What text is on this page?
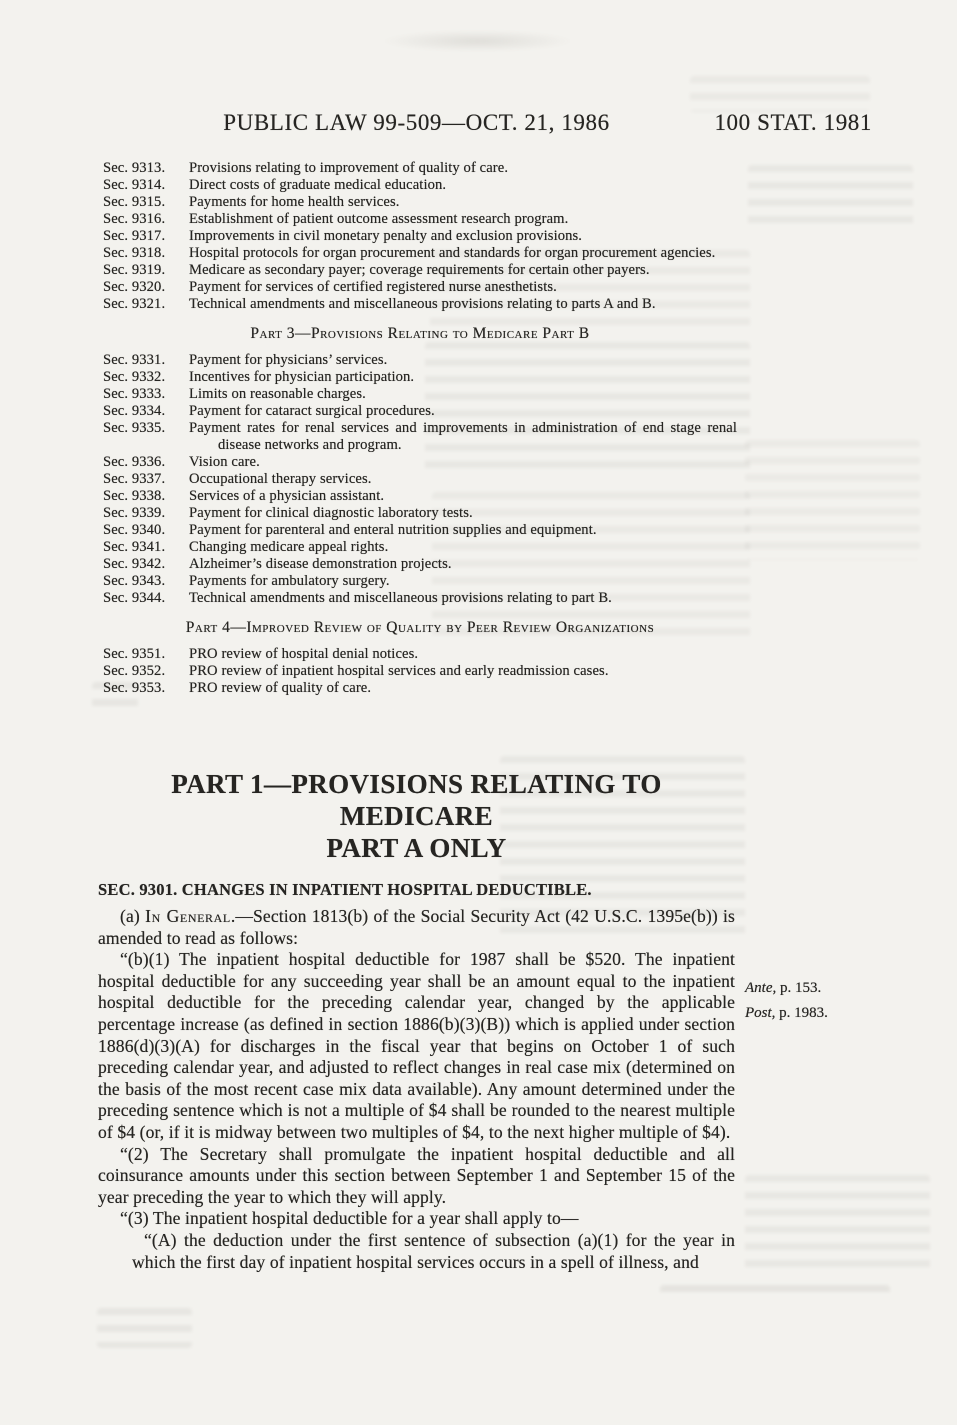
PUBLIC LAW 99-509—OCT. 21, 1986	100 STAT. 1981
Sec. 9313. Provisions relating to improvement of quality of care.
Sec. 9314. Direct costs of graduate medical education.
Sec. 9315. Payments for home health services.
Sec. 9316. Establishment of patient outcome assessment research program.
Sec. 9317. Improvements in civil monetary penalty and exclusion provisions.
Sec. 9318. Hospital protocols for organ procurement and standards for organ procurement agencies.
Sec. 9319. Medicare as secondary payer; coverage requirements for certain other payers.
Sec. 9320. Payment for services of certified registered nurse anesthetists.
Sec. 9321. Technical amendments and miscellaneous provisions relating to parts A and B.
Part 3—Provisions Relating to Medicare Part B
Sec. 9331. Payment for physicians’ services.
Sec. 9332. Incentives for physician participation.
Sec. 9333. Limits on reasonable charges.
Sec. 9334. Payment for cataract surgical procedures.
Sec. 9335. Payment rates for renal services and improvements in administration of end stage renal disease networks and program.
Sec. 9336. Vision care.
Sec. 9337. Occupational therapy services.
Sec. 9338. Services of a physician assistant.
Sec. 9339. Payment for clinical diagnostic laboratory tests.
Sec. 9340. Payment for parenteral and enteral nutrition supplies and equipment.
Sec. 9341. Changing medicare appeal rights.
Sec. 9342. Alzheimer’s disease demonstration projects.
Sec. 9343. Payments for ambulatory surgery.
Sec. 9344. Technical amendments and miscellaneous provisions relating to part B.
Part 4—Improved Review of Quality by Peer Review Organizations
Sec. 9351. PRO review of hospital denial notices.
Sec. 9352. PRO review of inpatient hospital services and early readmission cases.
Sec. 9353. PRO review of quality of care.
PART 1—PROVISIONS RELATING TO MEDICARE
PART A ONLY
SEC. 9301. CHANGES IN INPATIENT HOSPITAL DEDUCTIBLE.

(a) In General.—Section 1813(b) of the Social Security Act (42 U.S.C. 1395e(b)) is amended to read as follows:

“(b)(1) The inpatient hospital deductible for 1987 shall be $520. The inpatient hospital deductible for any succeeding year shall be an amount equal to the inpatient hospital deductible for the preceding calendar year, changed by the applicable percentage increase (as defined in section 1886(b)(3)(B)) which is applied under section 1886(d)(3)(A) for discharges in the fiscal year that begins on October 1 of such preceding calendar year, and adjusted to reflect changes in real case mix (determined on the basis of the most recent case mix data available). Any amount determined under the preceding sentence which is not a multiple of $4 shall be rounded to the nearest multiple of $4 (or, if it is midway between two multiples of $4, to the next higher multiple of $4).

“(2) The Secretary shall promulgate the inpatient hospital deductible and all coinsurance amounts under this section between September 1 and September 15 of the year preceding the year to which they will apply.

“(3) The inpatient hospital deductible for a year shall apply to—

“(A) the deduction under the first sentence of subsection (a)(1) for the year in which the first day of inpatient hospital services occurs in a spell of illness, and

Ante, p. 153.
Post, p. 1983.
